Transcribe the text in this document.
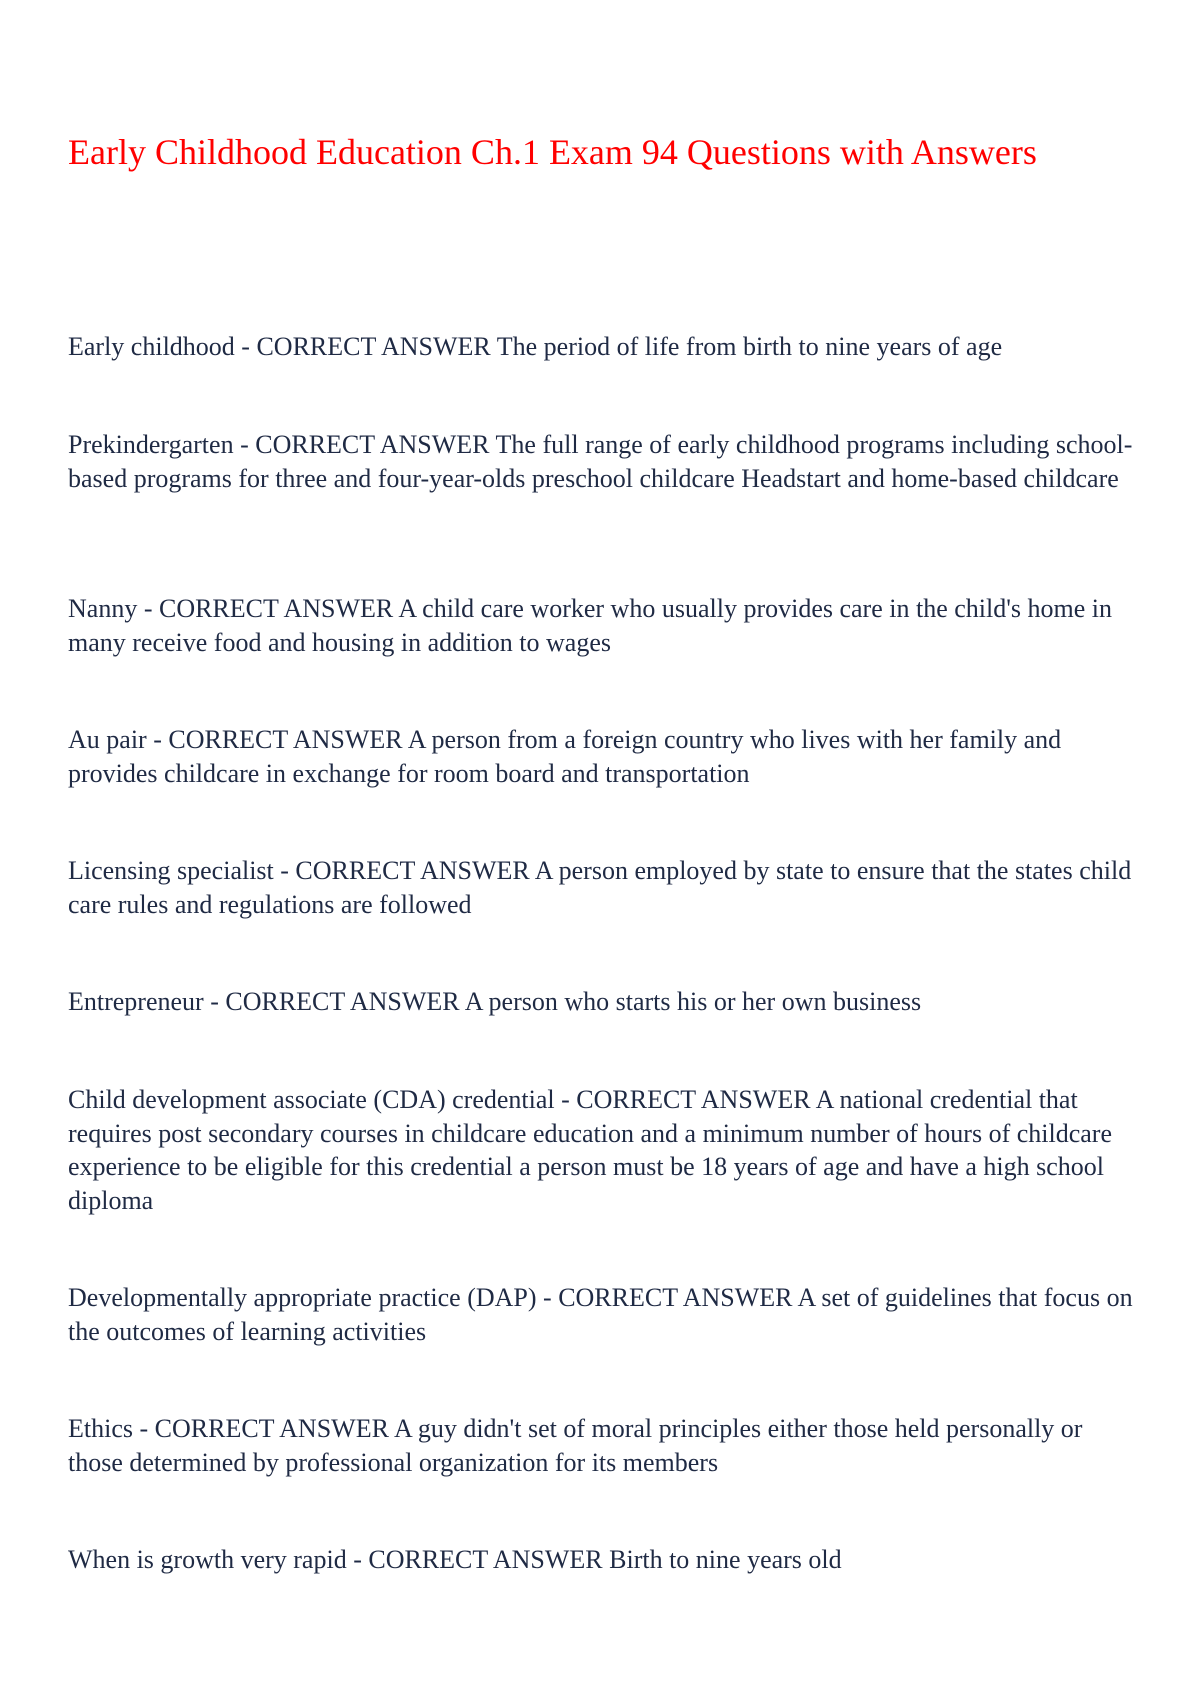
Early Childhood Education Ch.1 Exam 94 Questions with Answers

Early childhood - CORRECT ANSWER The period of life from birth to nine years of age

Prekindergarten - CORRECT ANSWER The full range of early childhood programs including school-based programs for three and four-year-olds preschool childcare Headstart and home-based childcare

Nanny - CORRECT ANSWER A child care worker who usually provides care in the child's home in many receive food and housing in addition to wages

Au pair - CORRECT ANSWER A person from a foreign country who lives with her family and provides childcare in exchange for room board and transportation

Licensing specialist - CORRECT ANSWER A person employed by state to ensure that the states child care rules and regulations are followed

Entrepreneur - CORRECT ANSWER A person who starts his or her own business

Child development associate (CDA) credential - CORRECT ANSWER A national credential that requires post secondary courses in childcare education and a minimum number of hours of childcare experience to be eligible for this credential a person must be 18 years of age and have a high school diploma

Developmentally appropriate practice (DAP) - CORRECT ANSWER A set of guidelines that focus on the outcomes of learning activities

Ethics - CORRECT ANSWER A guy didn't set of moral principles either those held personally or those determined by professional organization for its members

When is growth very rapid - CORRECT ANSWER Birth to nine years old
